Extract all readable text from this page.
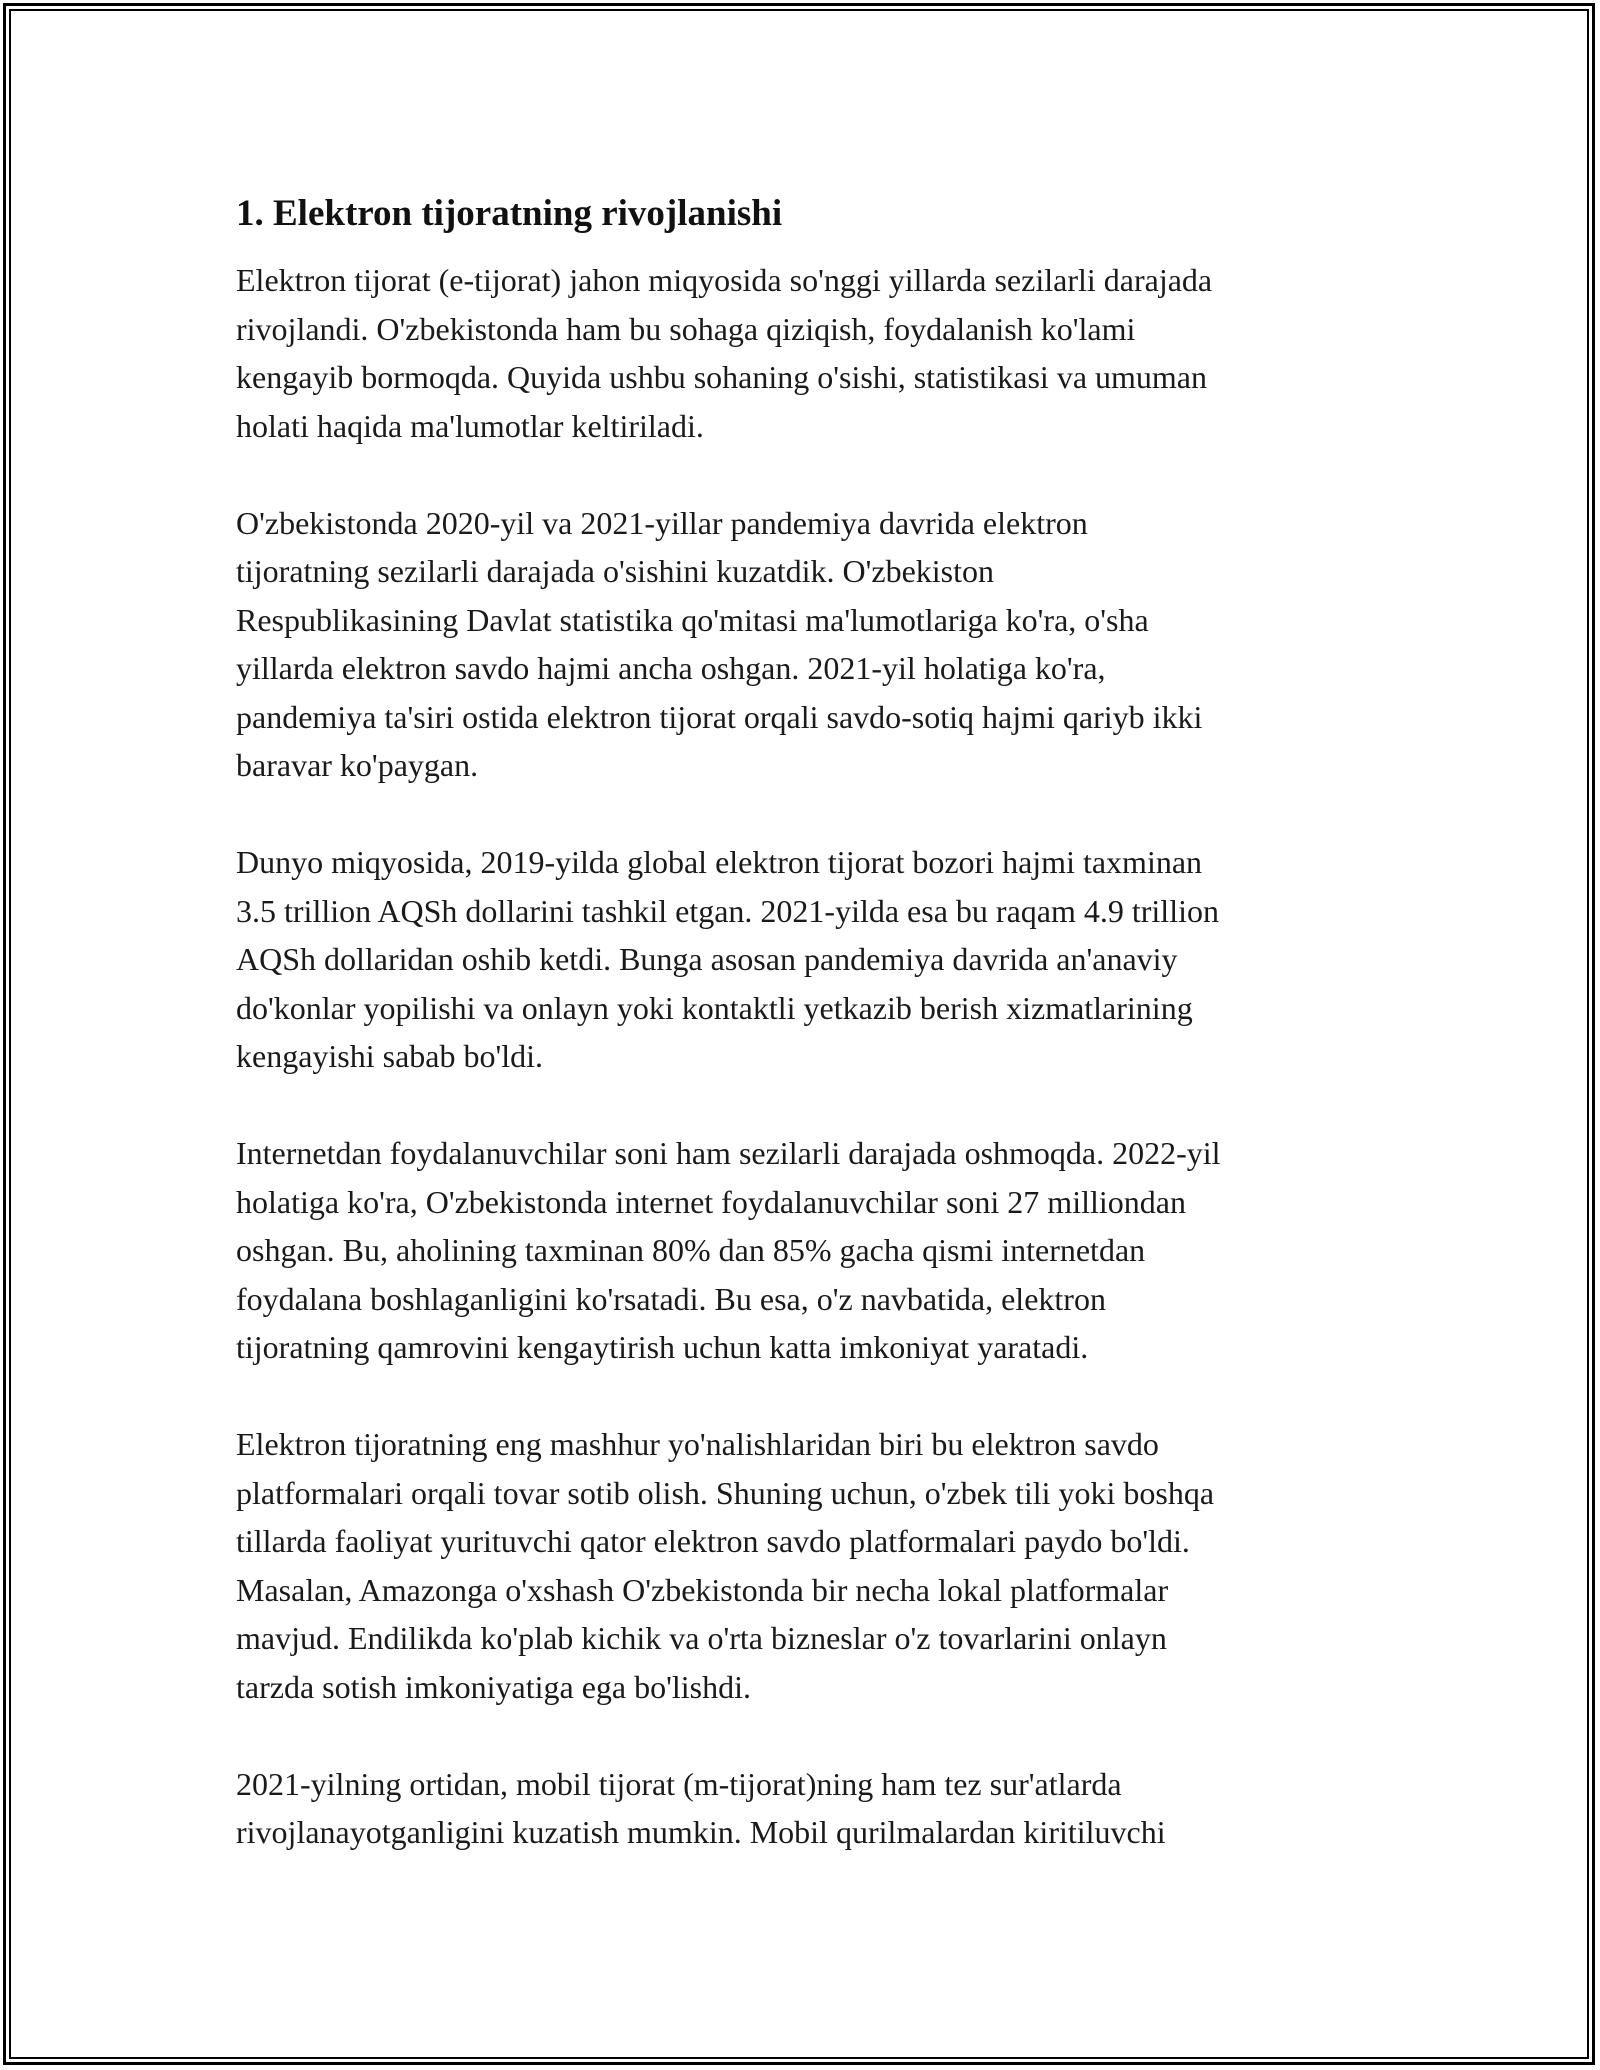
1. Elektron tijoratning rivojlanishi

Elektron tijorat (e-tijorat) jahon miqyosida so'nggi yillarda sezilarli darajada
rivojlandi. O'zbekistonda ham bu sohaga qiziqish, foydalanish ko'lami
kengayib bormoqda. Quyida ushbu sohaning o'sishi, statistikasi va umuman
holati haqida ma'lumotlar keltiriladi.

O'zbekistonda 2020-yil va 2021-yillar pandemiya davrida elektron
tijoratning sezilarli darajada o'sishini kuzatdik. O'zbekiston
Respublikasining Davlat statistika qo'mitasi ma'lumotlariga ko'ra, o'sha
yillarda elektron savdo hajmi ancha oshgan. 2021-yil holatiga ko'ra,
pandemiya ta'siri ostida elektron tijorat orqali savdo-sotiq hajmi qariyb ikki
baravar ko'paygan.

Dunyo miqyosida, 2019-yilda global elektron tijorat bozori hajmi taxminan
3.5 trillion AQSh dollarini tashkil etgan. 2021-yilda esa bu raqam 4.9 trillion
AQSh dollaridan oshib ketdi. Bunga asosan pandemiya davrida an'anaviy
do'konlar yopilishi va onlayn yoki kontaktli yetkazib berish xizmatlarining
kengayishi sabab bo'ldi.

Internetdan foydalanuvchilar soni ham sezilarli darajada oshmoqda. 2022-yil
holatiga ko'ra, O'zbekistonda internet foydalanuvchilar soni 27 milliondan
oshgan. Bu, aholining taxminan 80% dan 85% gacha qismi internetdan
foydalana boshlaganligini ko'rsatadi. Bu esa, o'z navbatida, elektron
tijoratning qamrovini kengaytirish uchun katta imkoniyat yaratadi.

Elektron tijoratning eng mashhur yo'nalishlaridan biri bu elektron savdo
platformalari orqali tovar sotib olish. Shuning uchun, o'zbek tili yoki boshqa
tillarda faoliyat yurituvchi qator elektron savdo platformalari paydo bo'ldi.
Masalan, Amazonga o'xshash O'zbekistonda bir necha lokal platformalar
mavjud. Endilikda ko'plab kichik va o'rta bizneslar o'z tovarlarini onlayn
tarzda sotish imkoniyatiga ega bo'lishdi.

2021-yilning ortidan, mobil tijorat (m-tijorat)ning ham tez sur'atlarda
rivojlanayotganligini kuzatish mumkin. Mobil qurilmalardan kiritiluvchi
